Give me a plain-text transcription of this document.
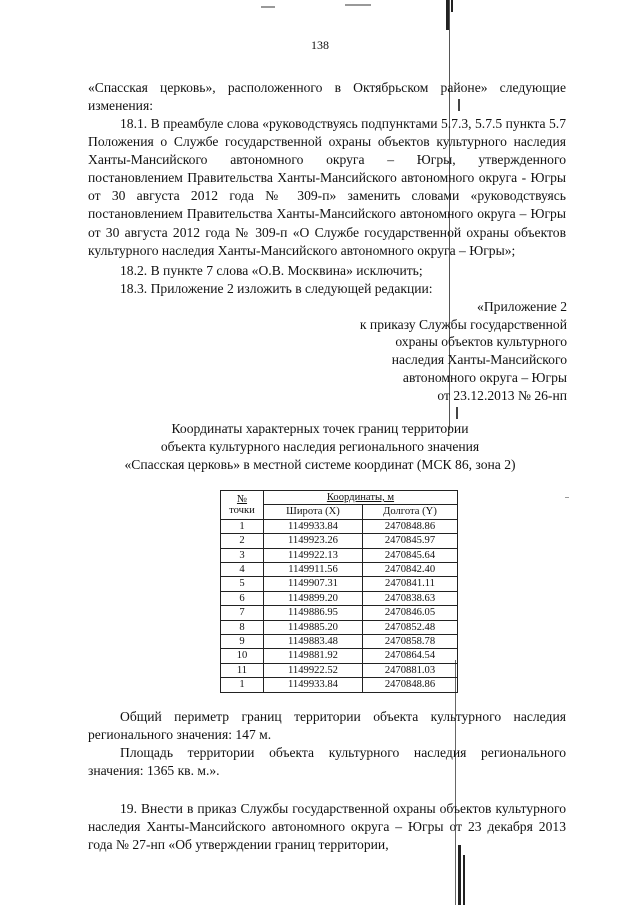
138
«Спасская церковь», расположенного в Октябрьском районе» следующие изменения:
18.1. В преамбуле слова «руководствуясь подпунктами 5.7.3, 5.7.5 пункта 5.7 Положения о Службе государственной охраны объектов культурного наследия Ханты-Мансийского автономного округа – Югры, утвержденного постановлением Правительства Ханты-Мансийского автономного округа - Югры от 30 августа 2012 года № 309-п» заменить словами «руководствуясь постановлением Правительства Ханты-Мансийского автономного округа – Югры от 30 августа 2012 года № 309-п «О Службе государственной охраны объектов культурного наследия Ханты-Мансийского автономного округа – Югры»;
18.2. В пункте 7 слова «О.В. Москвина» исключить;
18.3. Приложение 2 изложить в следующей редакции:
«Приложение 2
к приказу Службы государственной
охраны объектов культурного
наследия Ханты-Мансийского
автономного округа – Югры
от 23.12.2013 № 26-нп
Координаты характерных точек границ территории
объекта культурного наследия регионального значения
«Спасская церковь» в местной системе координат (МСК 86, зона 2)
№
точки	Координаты, м	
	Широта (X)	Долгота (Y)
1	1149933.84	2470848.86
2	1149923.26	2470845.97
3	1149922.13	2470845.64
4	1149911.56	2470842.40
5	1149907.31	2470841.11
6	1149899.20	2470838.63
7	1149886.95	2470846.05
8	1149885.20	2470852.48
9	1149883.48	2470858.78
10	1149881.92	2470864.54
11	1149922.52	2470881.03
1	1149933.84	2470848.86
Общий периметр границ территории объекта культурного наследия регионального значения: 147 м.
Площадь территории объекта культурного наследия регионального значения: 1365 кв. м.».
19. Внести в приказ Службы государственной охраны объектов культурного наследия Ханты-Мансийского автономного округа – Югры от 23 декабря 2013 года № 27-нп «Об утверждении границ территории,
